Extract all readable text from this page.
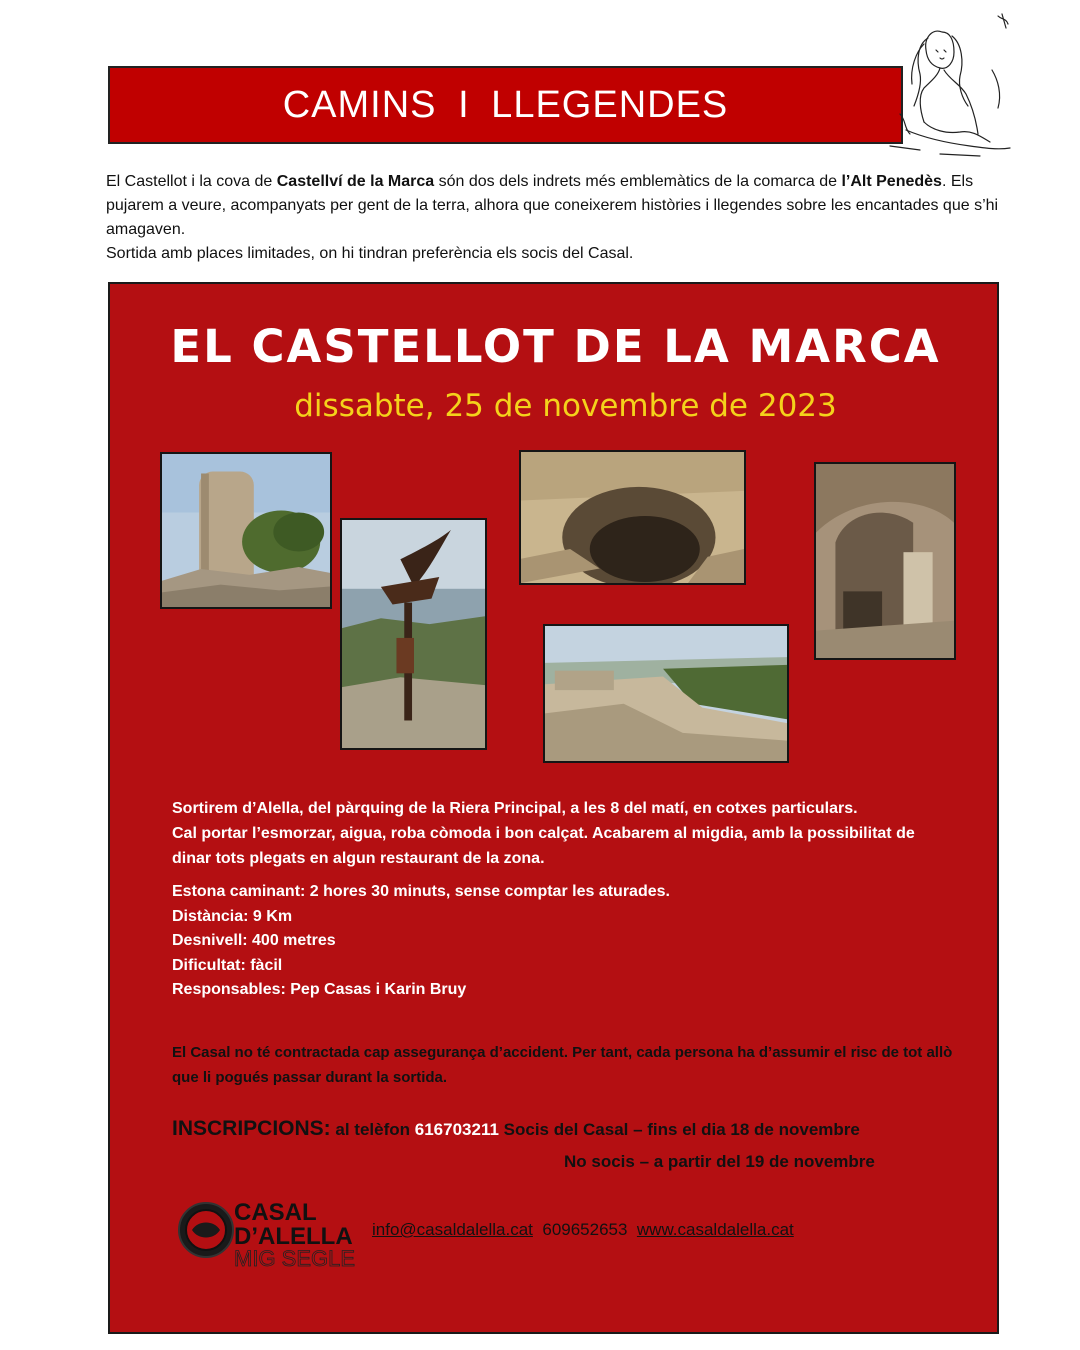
CAMINS I LLEGENDES

El Castellot i la cova de Castellví de la Marca són dos dels indrets més emblemàtics de la comarca de l’Alt Penedès. Els pujarem a veure, acompanyats per gent de la terra, alhora que coneixerem històries i llegendes sobre les encantades que s’hi amagaven.

Sortida amb places limitades, on hi tindran preferència els socis del Casal.

EL CASTELLOT DE LA MARCA
dissabte, 25 de novembre de 2023
Sortirem d’Alella, del pàrquing de la Riera Principal, a les 8 del matí, en cotxes particulars.
Cal portar l’esmorzar, aigua, roba còmoda i bon calçat. Acabarem al migdia, amb la possibilitat de
dinar tots plegats en algun restaurant de la zona.
Estona caminant: 2 hores 30 minuts, sense comptar les aturades.
Distància: 9 Km
Desnivell: 400 metres
Dificultat: fàcil
Responsables: Pep Casas i Karin Bruy
El Casal no té contractada cap assegurança d’accident. Per tant, cada persona ha d’assumir el risc de tot allò que li pogués passar durant la sortida.
INSCRIPCIONS: al telèfon 616703211 Socis del Casal – fins el dia 18 de novembre
No socis – a partir del 19 de novembre
CASAL
D’ALELLA
MIG SEGLE
info@casaldalella.cat 609652653 www.casaldalella.cat
